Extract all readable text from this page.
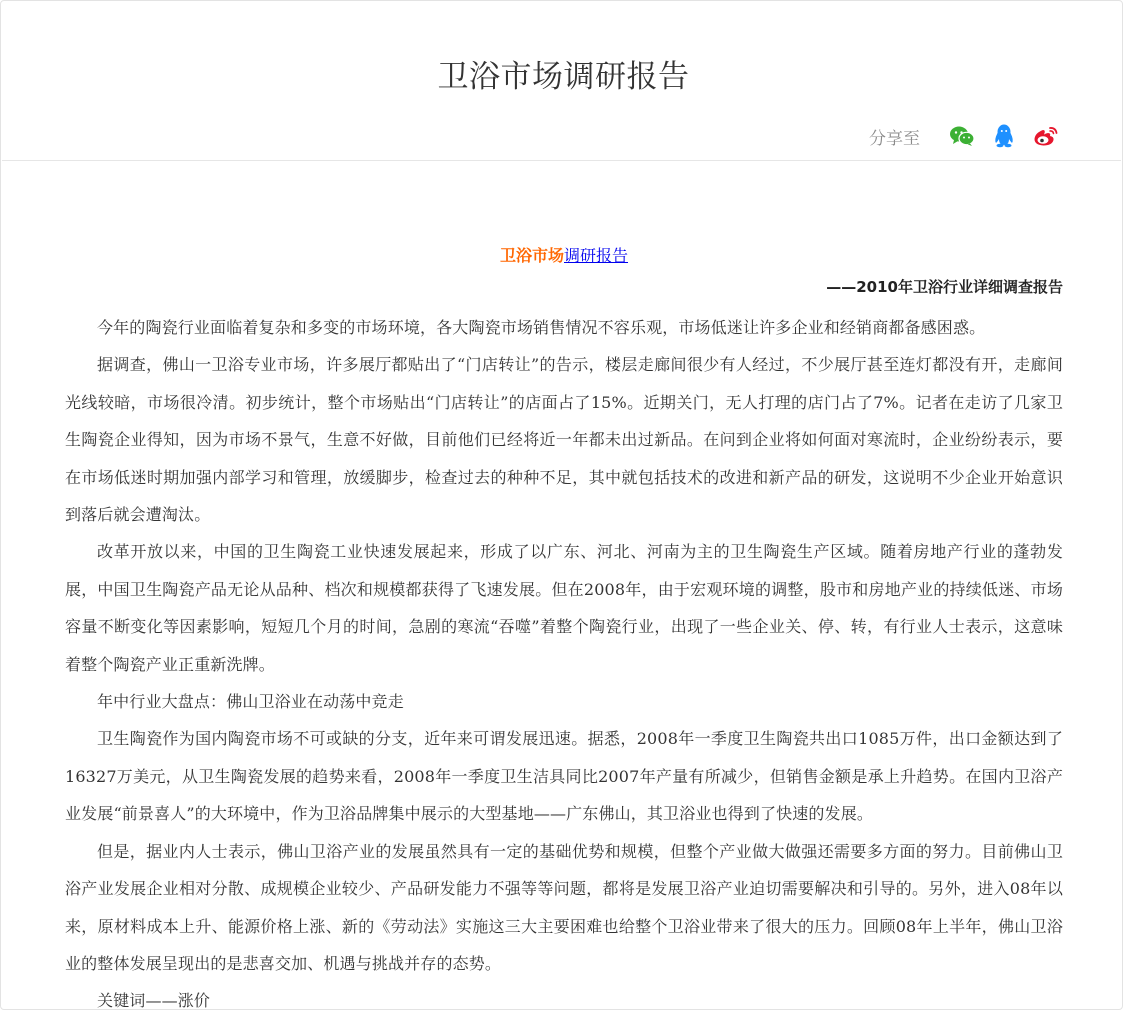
卫浴市场调研报告
分享至
卫浴市场调研报告
——2010年卫浴行业详细调查报告

今年的陶瓷行业面临着复杂和多变的市场环境，各大陶瓷市场销售情况不容乐观，市场低迷让许多企业和经销商都备感困惑。

据调查，佛山一卫浴专业市场，许多展厅都贴出了“门店转让”的告示，楼层走廊间很少有人经过，不少展厅甚至连灯都没有开，走廊间光线较暗，市场很冷清。初步统计，整个市场贴出“门店转让”的店面占了15%。近期关门，无人打理的店门占了7%。记者在走访了几家卫生陶瓷企业得知，因为市场不景气，生意不好做，目前他们已经将近一年都未出过新品。在问到企业将如何面对寒流时，企业纷纷表示，要在市场低迷时期加强内部学习和管理，放缓脚步，检查过去的种种不足，其中就包括技术的改进和新产品的研发，这说明不少企业开始意识到落后就会遭淘汰。

改革开放以来，中国的卫生陶瓷工业快速发展起来，形成了以广东、河北、河南为主的卫生陶瓷生产区域。随着房地产行业的蓬勃发展，中国卫生陶瓷产品无论从品种、档次和规模都获得了飞速发展。但在2008年，由于宏观环境的调整，股市和房地产业的持续低迷、市场容量不断变化等因素影响，短短几个月的时间，急剧的寒流“吞噬”着整个陶瓷行业，出现了一些企业关、停、转，有行业人士表示，这意味着整个陶瓷产业正重新洗牌。

年中行业大盘点：佛山卫浴业在动荡中竞走

卫生陶瓷作为国内陶瓷市场不可或缺的分支，近年来可谓发展迅速。据悉，2008年一季度卫生陶瓷共出口1085万件，出口金额达到了16327万美元，从卫生陶瓷发展的趋势来看，2008年一季度卫生洁具同比2007年产量有所减少，但销售金额是承上升趋势。在国内卫浴产业发展“前景喜人”的大环境中，作为卫浴品牌集中展示的大型基地——广东佛山，其卫浴业也得到了快速的发展。

但是，据业内人士表示，佛山卫浴产业的发展虽然具有一定的基础优势和规模，但整个产业做大做强还需要多方面的努力。目前佛山卫浴产业发展企业相对分散、成规模企业较少、产品研发能力不强等等问题，都将是发展卫浴产业迫切需要解决和引导的。另外，进入08年以来，原材料成本上升、能源价格上涨、新的《劳动法》实施这三大主要困难也给整个卫浴业带来了很大的压力。回顾08年上半年，佛山卫浴业的整体发展呈现出的是悲喜交加、机遇与挑战并存的态势。

关键词——涨价
